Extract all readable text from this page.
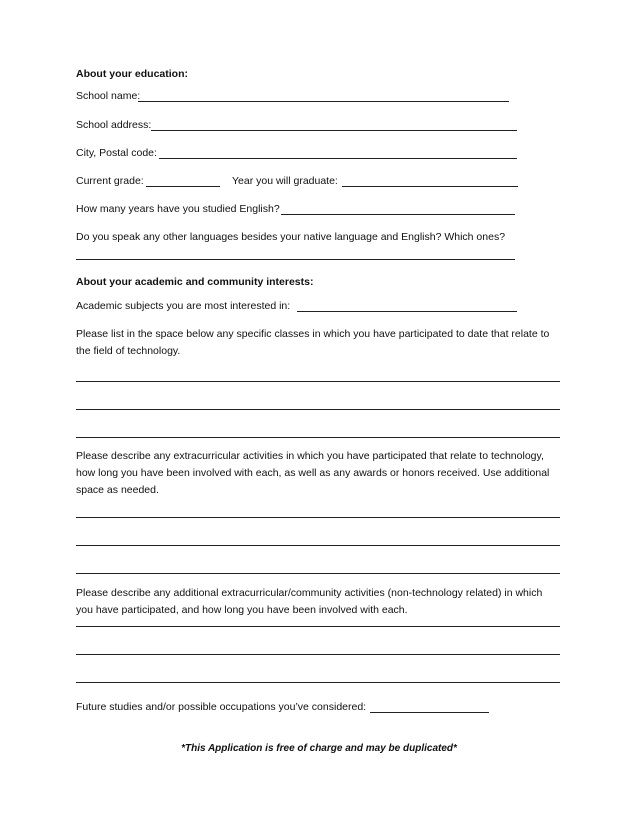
About your education:
School name:
School address:
City, Postal code:
Current grade:	Year you will graduate:
How many years have you studied English?
Do you speak any other languages besides your native language and English? Which ones?
About your academic and community interests:
Academic subjects you are most interested in:
Please list in the space below any specific classes in which you have participated to date that relate to the field of technology.
Please describe any extracurricular activities in which you have participated that relate to technology, how long you have been involved with each, as well as any awards or honors received. Use additional space as needed.
Please describe any additional extracurricular/community activities (non-technology related) in which you have participated, and how long you have been involved with each.
Future studies and/or possible occupations you’ve considered:
*This Application is free of charge and may be duplicated*
